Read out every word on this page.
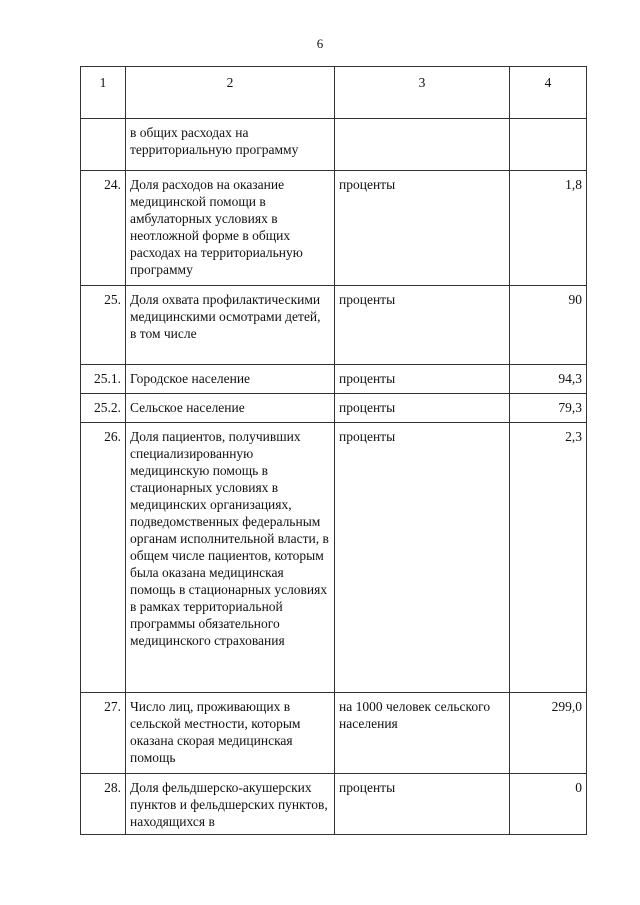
6
1	2	3	4
	в общих расходах на территориальную программу		
24.	Доля расходов на оказание медицинской помощи в амбулаторных условиях в неотложной форме в общих расходах на территориальную программу	проценты	1,8
25.	Доля охвата профилактическими медицинскими осмотрами детей, в том числе	проценты	90
25.1.	Городское население	проценты	94,3
25.2.	Сельское население	проценты	79,3
26.	Доля пациентов, получивших специализированную медицинскую помощь в стационарных условиях в медицинских организациях, подведомственных федеральным органам исполнительной власти, в общем числе пациентов, которым была оказана медицинская помощь в стационарных условиях в рамках территориальной программы обязательного медицинского страхования	проценты	2,3
27.	Число лиц, проживающих в сельской местности, которым оказана скорая медицинская помощь	на 1000 человек сельского населения	299,0
28.	Доля фельдшерско-акушерских пунктов и фельдшерских пунктов, находящихся в	проценты	0
